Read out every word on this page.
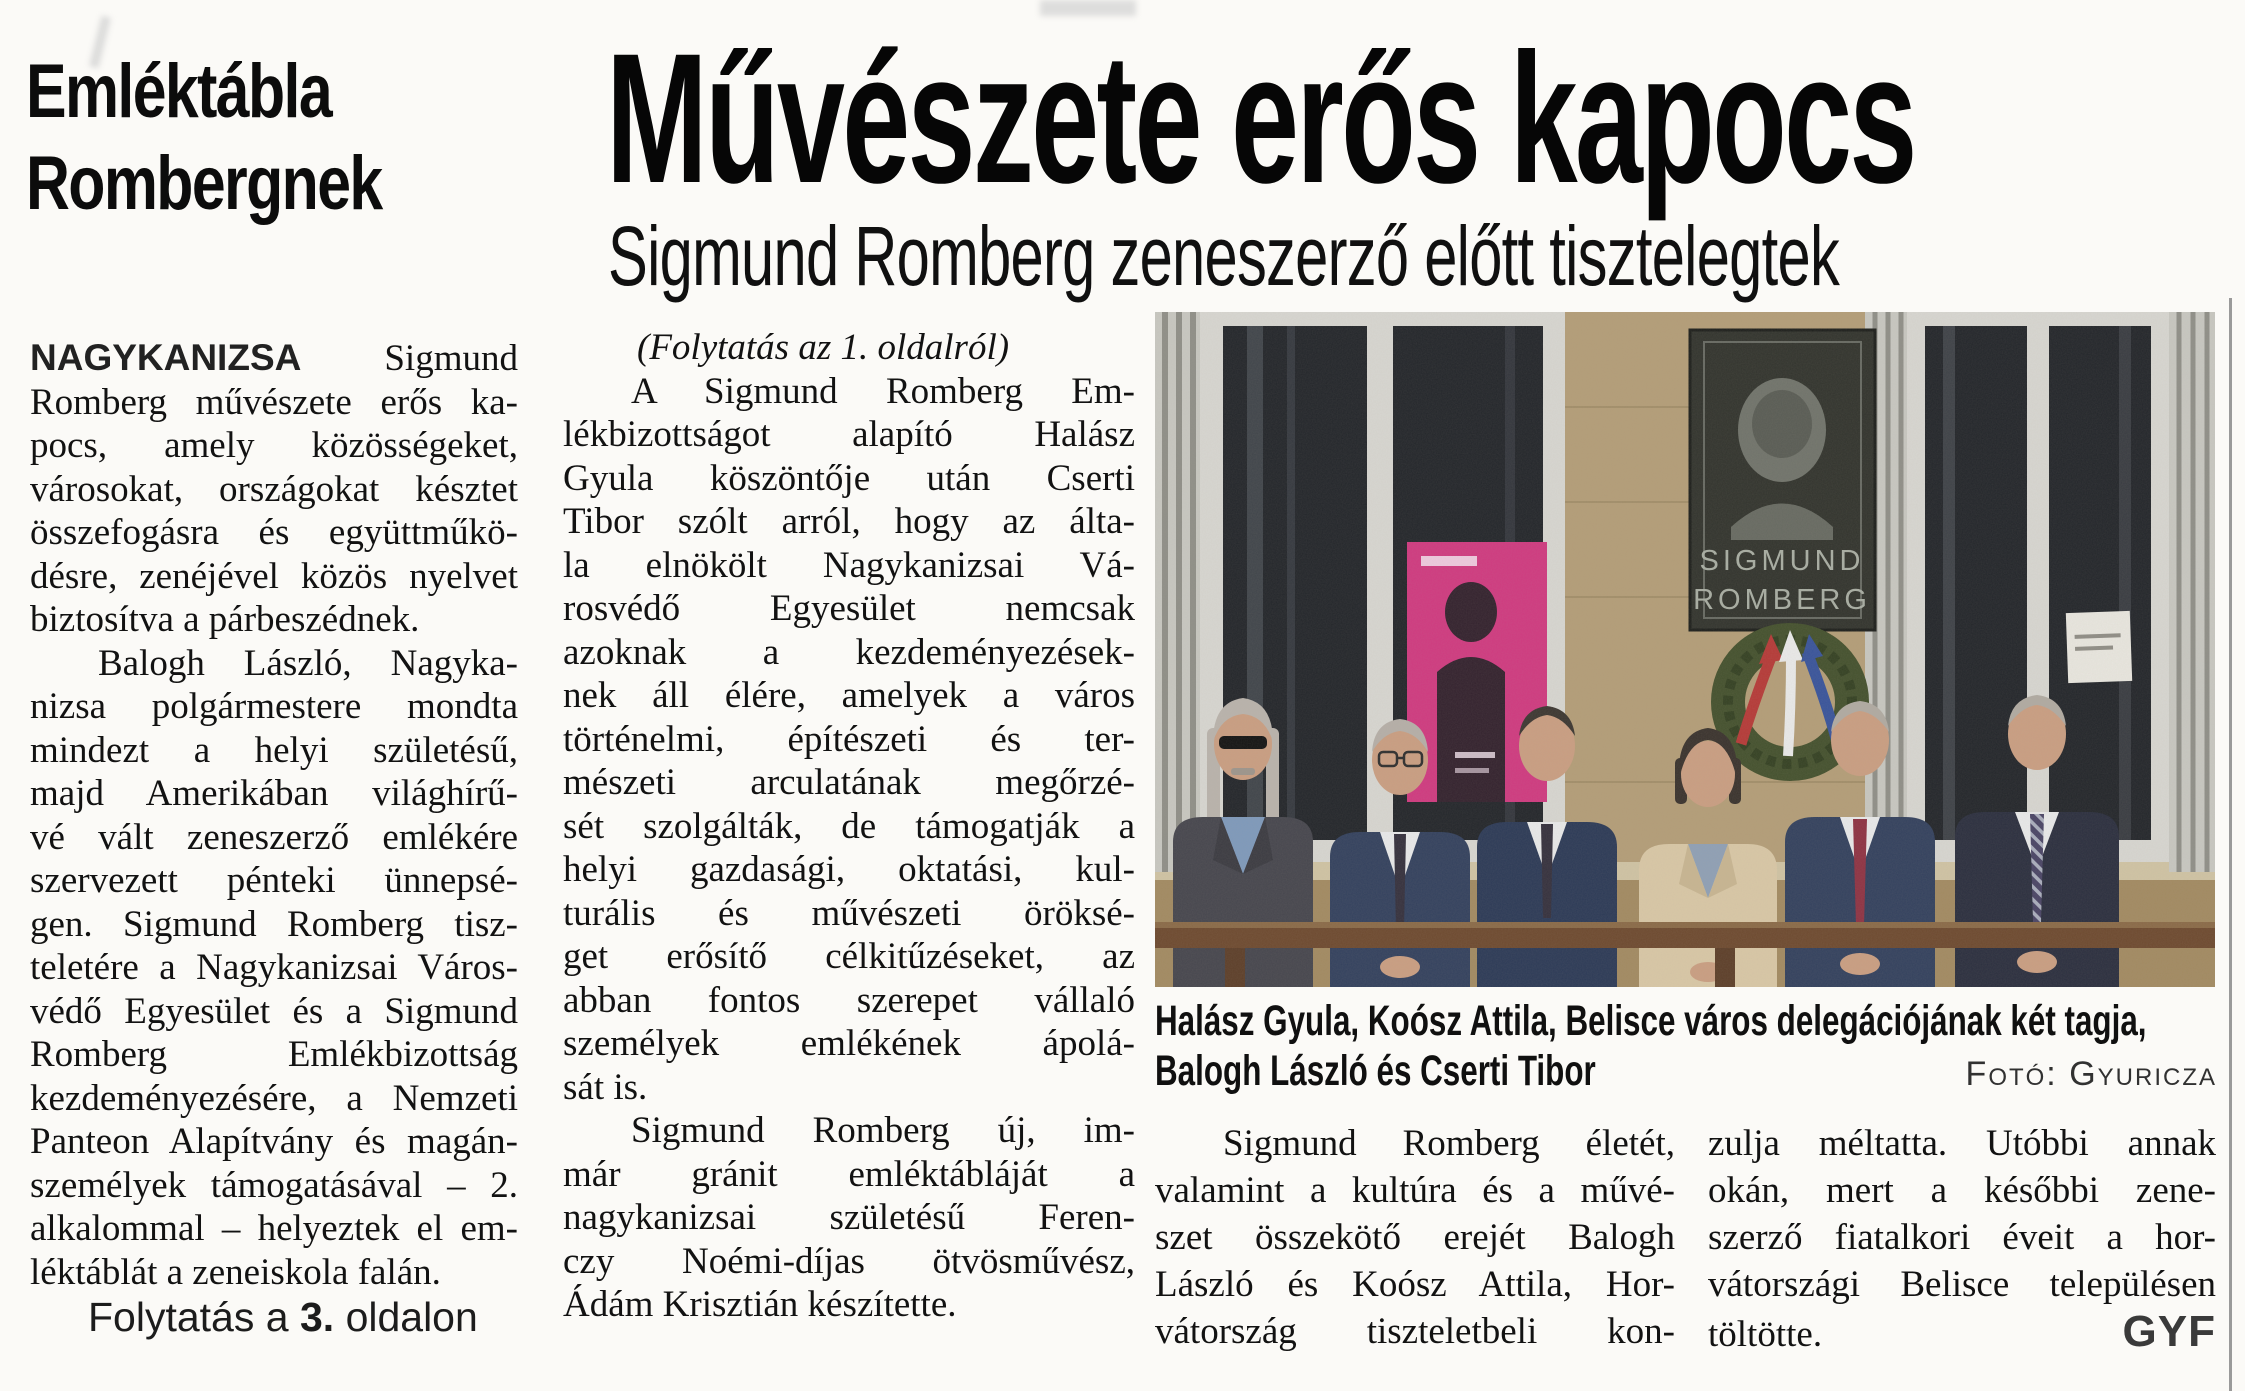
Emléktábla
Rombergnek
NAGYKANIZSA Sigmund
Romberg művészete erős ka-
pocs, amely közösségeket,
városokat, országokat késztet
összefogásra és együttműkö-
désre, zenéjével közös nyelvet
biztosítva a párbeszédnek.
Balogh László, Nagyka-
nizsa polgármestere mondta
mindezt a helyi születésű,
majd Amerikában világhírű-
vé vált zeneszerző emlékére
szervezett pénteki ünnepsé-
gen. Sigmund Romberg tisz-
teletére a Nagykanizsai Város-
védő Egyesület és a Sigmund
Romberg Emlékbizottság
kezdeményezésére, a Nemzeti
Panteon Alapítvány és magán-
személyek támogatásával – 2.
alkalommal – helyeztek el em-
léktáblát a zeneiskola falán.
Folytatás a 3. oldalon
Művészete erős kapocs
Sigmund Romberg zeneszerző előtt tisztelegtek
(Folytatás az 1. oldalról)
A Sigmund Romberg Em-
lékbizottságot alapító Halász
Gyula köszöntője után Cserti
Tibor szólt arról, hogy az álta-
la elnökölt Nagykanizsai Vá-
rosvédő Egyesület nemcsak
azoknak a kezdeményezések-
nek áll élére, amelyek a város
történelmi, építészeti és ter-
mészeti arculatának megőrzé-
sét szolgálták, de támogatják a
helyi gazdasági, oktatási, kul-
turális és művészeti öröksé-
get erősítő célkitűzéseket, az
abban fontos szerepet vállaló
személyek emlékének ápolá-
sát is.
Sigmund Romberg új, im-
már gránit emléktábláját a
nagykanizsai születésű Feren-
czy Noémi-díjas ötvösművész,
Ádám Krisztián készítette.
SIGMUND
ROMBERG
Halász Gyula, Koósz Attila, Belisce város delegációjának két tagja,
Balogh László és Cserti Tibor	Fotó: Gyuricza
Sigmund Romberg életét,
valamint a kultúra és a művé-
szet összekötő erejét Balogh
László és Koósz Attila, Hor-
vátország tiszteletbeli kon-
zulja méltatta. Utóbbi annak
okán, mert a későbbi zene-
szerző fiatalkori éveit a hor-
vátországi Belisce településen
töltötte.	GYF
